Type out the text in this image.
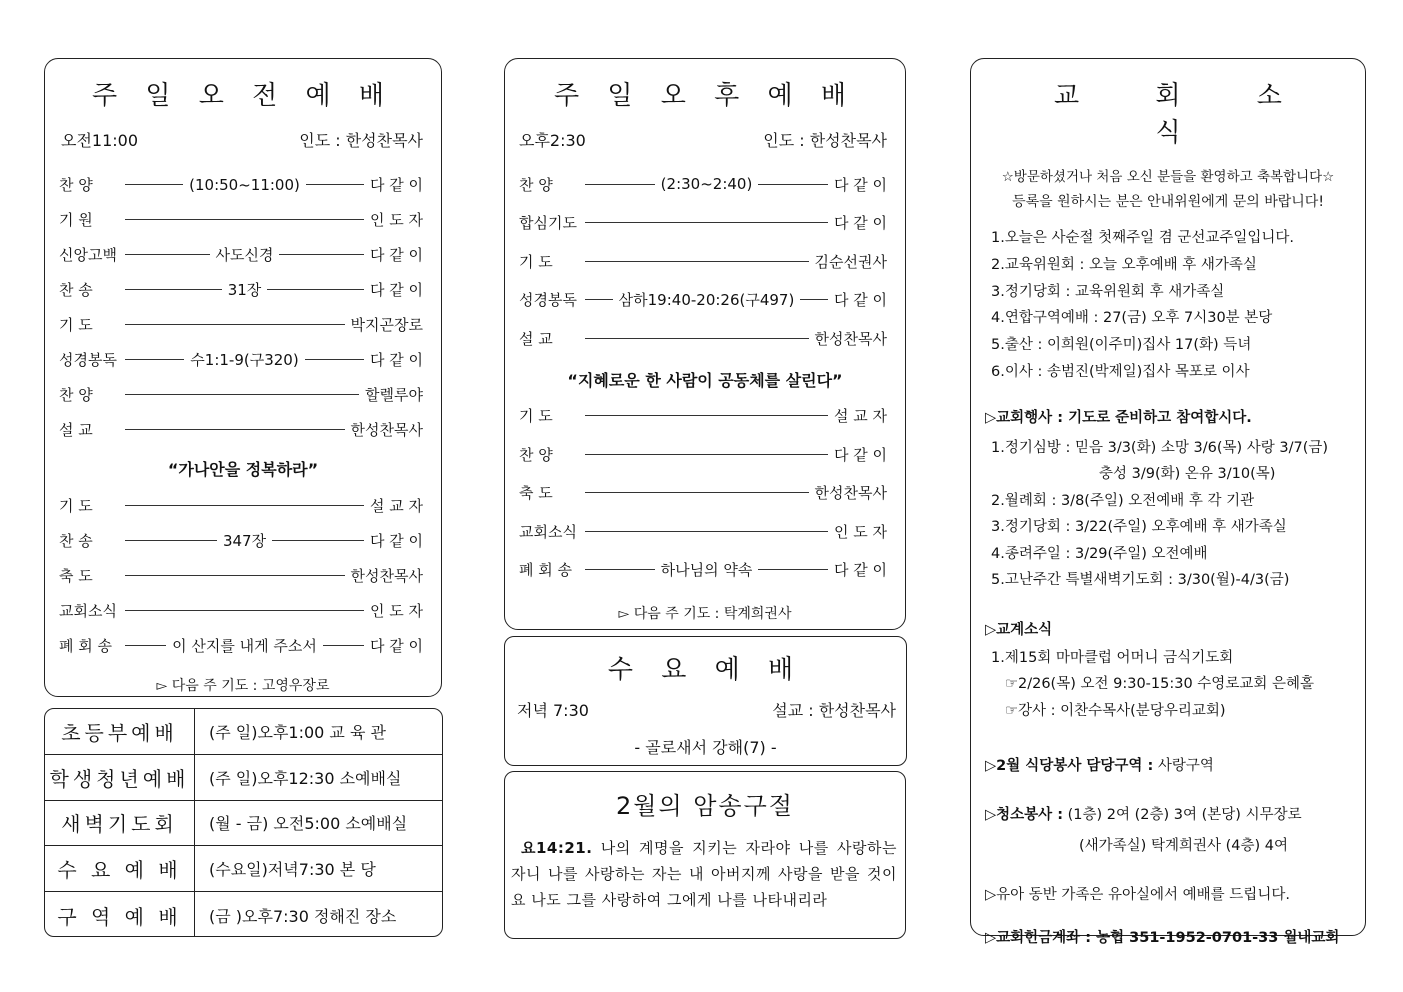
주 일 오 전 예 배
오전11:00	인도 : 한성찬목사
찬 양	(10:50~11:00)	다 같 이
기 원	인 도 자
신앙고백	사도신경	다 같 이
찬 송	31장	다 같 이
기 도	박지곤장로
성경봉독	수1:1-9(구320)	다 같 이
찬 양	할렐루야
설 교	한성찬목사
“가나안을 정복하라”
기 도	설 교 자
찬 송	347장	다 같 이
축 도	한성찬목사
교회소식	인 도 자
폐 회 송	이 산지를 내게 주소서	다 같 이
▻ 다음 주 기도 : 고영우장로
초등부예배	(주 일)오후1:00 교 육 관
학생청년예배	(주 일)오후12:30 소예배실
새벽기도회	(월 - 금) 오전5:00 소예배실
수 요 예 배	(수요일)저녁7:30 본 당
구 역 예 배	(금 )오후7:30 정해진 장소
주 일 오 후 예 배
오후2:30	인도 : 한성찬목사
찬 양	(2:30~2:40)	다 같 이
합심기도	다 같 이
기 도	김순선권사
성경봉독	삼하19:40-20:26(구497)	다 같 이
설 교	한성찬목사
“지혜로운 한 사람이 공동체를 살린다”
기 도	설 교 자
찬 양	다 같 이
축 도	한성찬목사
교회소식	인 도 자
폐 회 송	하나님의 약속	다 같 이
▻ 다음 주 기도 : 탁계희권사
수 요 예 배
저녁 7:30	설교 : 한성찬목사
- 골로새서 강해(7) -
2월의 암송구절
요14:21. 나의 계명을 지키는 자라야 나를 사랑하는 자니 나를 사랑하는 자는 내 아버지께 사랑을 받을 것이요 나도 그를 사랑하여 그에게 나를 나타내리라
교 회 소 식
☆방문하셨거나 처음 오신 분들을 환영하고 축복합니다☆
등록을 원하시는 분은 안내위원에게 문의 바랍니다!
1.오늘은 사순절 첫째주일 겸 군선교주일입니다.
2.교육위원회 : 오늘 오후예배 후 새가족실
3.정기당회 : 교육위원회 후 새가족실
4.연합구역예배 : 27(금) 오후 7시30분 본당
5.출산 : 이희원(이주미)집사 17(화) 득녀
6.이사 : 송범진(박제일)집사 목포로 이사
▷교회행사 : 기도로 준비하고 참여합시다.
1.정기심방 : 믿음 3/3(화) 소망 3/6(목) 사랑 3/7(금)
충성 3/9(화) 온유 3/10(목)
2.월례회 : 3/8(주일) 오전예배 후 각 기관
3.정기당회 : 3/22(주일) 오후예배 후 새가족실
4.종려주일 : 3/29(주일) 오전예배
5.고난주간 특별새벽기도회 : 3/30(월)-4/3(금)
▷교계소식
1.제15회 마마클럽 어머니 금식기도회
☞2/26(목) 오전 9:30-15:30 수영로교회 은혜홀
☞강사 : 이찬수목사(분당우리교회)
▷2월 식당봉사 담당구역 : 사랑구역
▷청소봉사 : (1층) 2여 (2층) 3여 (본당) 시무장로
(새가족실) 탁계희권사 (4층) 4여
▷유아 동반 가족은 유아실에서 예배를 드립니다.
▷교회헌금계좌 : 농협 351-1952-0701-33 월내교회
